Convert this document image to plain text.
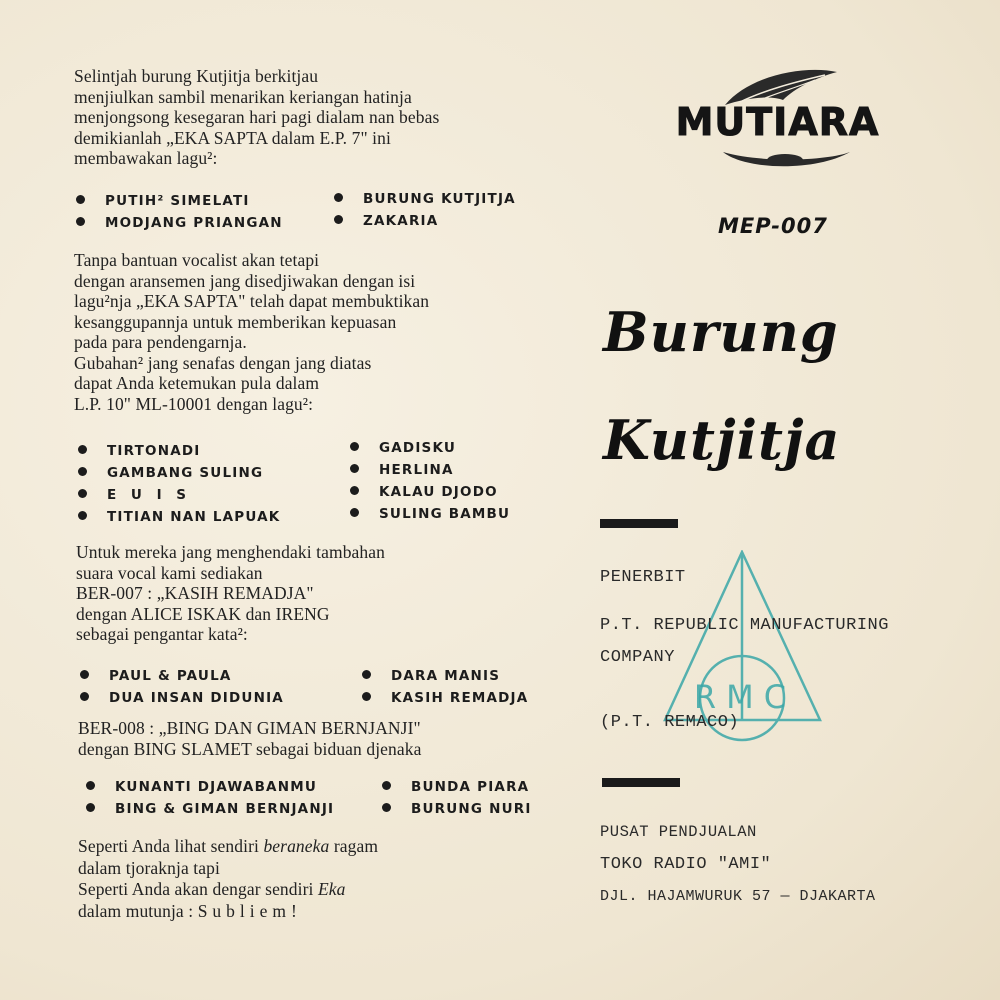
Selintjah burung Kutjitja berkitjau
menjiulkan sambil menarikan keriangan hatinja
menjongsong kesegaran hari pagi dialam nan bebas
demikianlah „EKA SAPTA dalam E.P. 7" ini
membawakan lagu²:
PUTIH² SIMELATI
MODJANG PRIANGAN
BURUNG KUTJITJA
ZAKARIA
Tanpa bantuan vocalist akan tetapi
dengan aransemen jang disedjiwakan dengan isi
lagu²nja „EKA SAPTA" telah dapat membuktikan
kesanggupannja untuk memberikan kepuasan
pada para pendengarnja.
Gubahan² jang senafas dengan jang diatas
dapat Anda ketemukan pula dalam
L.P. 10" ML-10001 dengan lagu²:
TIRTONADI
GAMBANG SULING
E U I S
TITIAN NAN LAPUAK
GADISKU
HERLINA
KALAU DJODO
SULING BAMBU
Untuk mereka jang menghendaki tambahan
suara vocal kami sediakan
BER-007 : „KASIH REMADJA"
dengan ALICE ISKAK dan IRENG
sebagai pengantar kata²:
PAUL & PAULA
DUA INSAN DIDUNIA
DARA MANIS
KASIH REMADJA
BER-008 : „BING DAN GIMAN BERNJANJI"
dengan BING SLAMET sebagai biduan djenaka
KUNANTI DJAWABANMU
BING & GIMAN BERNJANJI
BUNDA PIARA
BURUNG NURI
Seperti Anda lihat sendiri beraneka ragam
dalam tjoraknja tapi
Seperti Anda akan dengar sendiri Eka
dalam mutunja : Subliem!
MUTIARA
MEP-007
Burung
Kutjitja
RMC
PENERBIT
P.T. REPUBLIC MANUFACTURING
COMPANY
(P.T. REMACO)
PUSAT PENDJUALAN
TOKO RADIO "AMI"
DJL. HAJAMWURUK 57 — DJAKARTA
